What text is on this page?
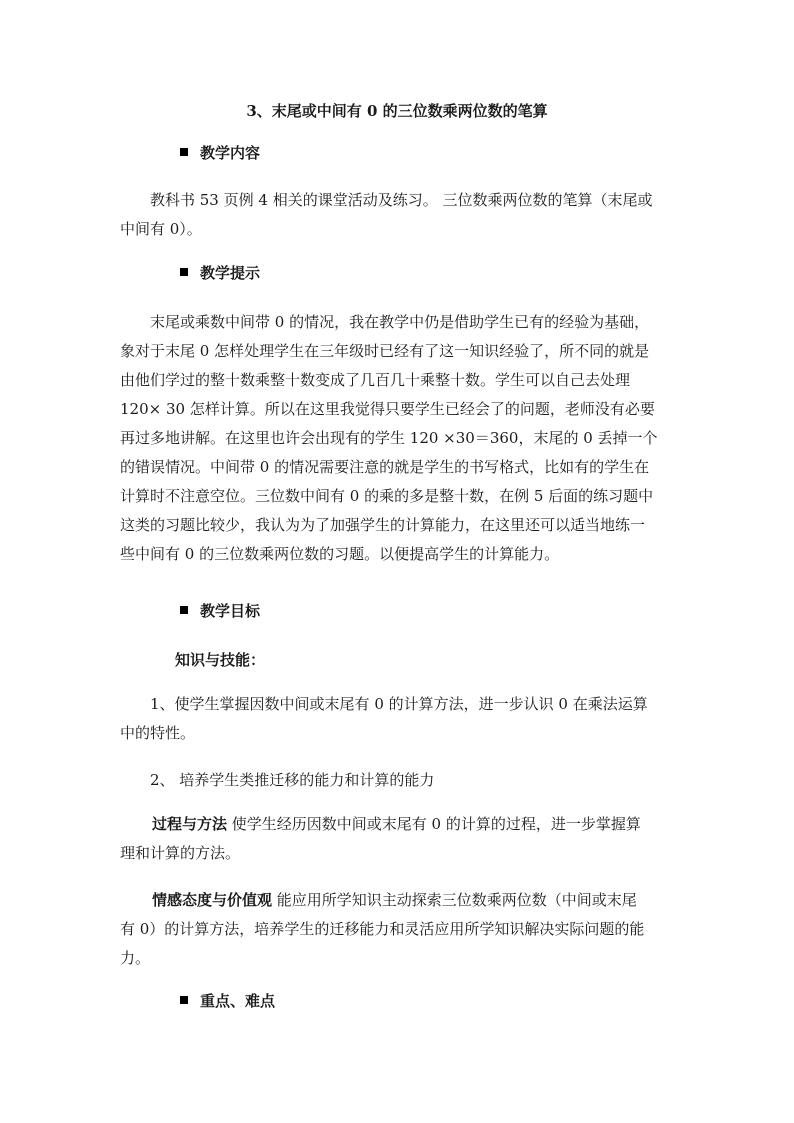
3、末尾或中间有 0 的三位数乘两位数的笔算
教学内容

教科书 53 页例 4 相关的课堂活动及练习。 三位数乘两位数的笔算（末尾或
中间有 0）。

教学提示

末尾或乘数中间带 0 的情况，我在教学中仍是借助学生已有的经验为基础，
象对于末尾 0 怎样处理学生在三年级时已经有了这一知识经验了，所不同的就是
由他们学过的整十数乘整十数变成了几百几十乘整十数。学生可以自己去处理
120× 30 怎样计算。所以在这里我觉得只要学生已经会了的问题，老师没有必要
再过多地讲解。在这里也许会出现有的学生 120 ×30＝360，末尾的 0 丢掉一个
的错误情况。中间带 0 的情况需要注意的就是学生的书写格式，比如有的学生在
计算时不注意空位。三位数中间有 0 的乘的多是整十数，在例 5 后面的练习题中
这类的习题比较少，我认为为了加强学生的计算能力，在这里还可以适当地练一
些中间有 0 的三位数乘两位数的习题。以便提高学生的计算能力。

教学目标

知识与技能：

1、使学生掌握因数中间或末尾有 0 的计算方法，进一步认识 0 在乘法运算
中的特性。

2、 培养学生类推迁移的能力和计算的能力

过程与方法 使学生经历因数中间或末尾有 0 的计算的过程，进一步掌握算
理和计算的方法。

情感态度与价值观 能应用所学知识主动探索三位数乘两位数（中间或末尾
有 0）的计算方法，培养学生的迁移能力和灵活应用所学知识解决实际问题的能
力。

重点、难点
